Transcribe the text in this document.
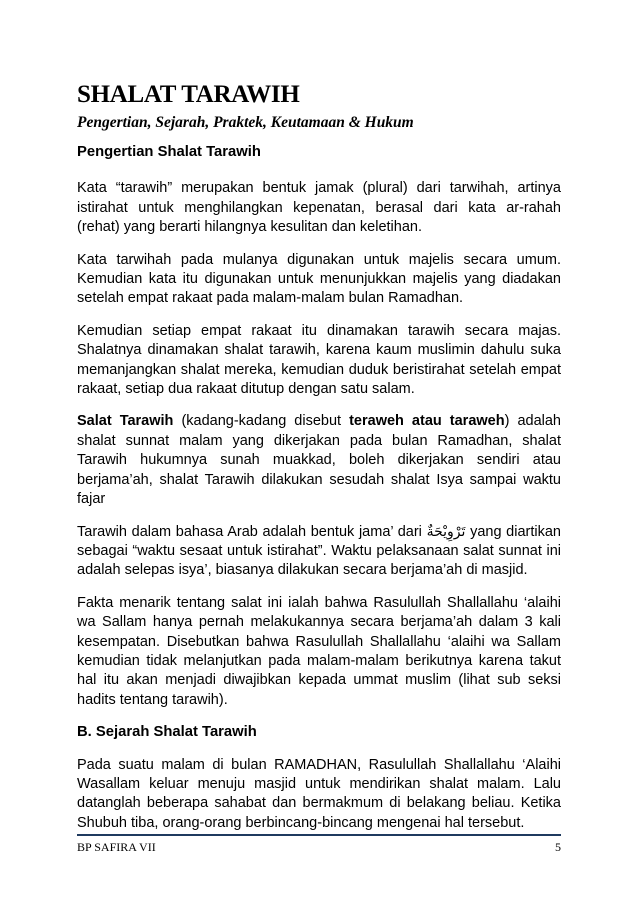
SHALAT TARAWIH
Pengertian, Sejarah, Praktek, Keutamaan & Hukum
Pengertian Shalat Tarawih

Kata “tarawih” merupakan bentuk jamak (plural) dari tarwihah, artinya istirahat untuk menghilangkan kepenatan, berasal dari kata ar-rahah (rehat) yang berarti hilangnya kesulitan dan keletihan.

Kata tarwihah pada mulanya digunakan untuk majelis secara umum. Kemudian kata itu digunakan untuk menunjukkan majelis yang diadakan setelah empat rakaat pada malam-malam bulan Ramadhan.

Kemudian setiap empat rakaat itu dinamakan tarawih secara majas. Shalatnya dinamakan shalat tarawih, karena kaum muslimin dahulu suka memanjangkan shalat mereka, kemudian duduk beristirahat setelah empat rakaat, setiap dua rakaat ditutup dengan satu salam.

Salat Tarawih (kadang-kadang disebut teraweh atau taraweh) adalah shalat sunnat malam yang dikerjakan pada bulan Ramadhan, shalat Tarawih hukumnya sunah muakkad, boleh dikerjakan sendiri atau berjama’ah, shalat Tarawih dilakukan sesudah shalat Isya sampai waktu fajar

Tarawih dalam bahasa Arab adalah bentuk jama’ dari تَرْوِيْحَةٌ yang diartikan sebagai “waktu sesaat untuk istirahat”. Waktu pelaksanaan salat sunnat ini adalah selepas isya’, biasanya dilakukan secara berjama’ah di masjid.

Fakta menarik tentang salat ini ialah bahwa Rasulullah Shallallahu ‘alaihi wa Sallam hanya pernah melakukannya secara berjama’ah dalam 3 kali kesempatan. Disebutkan bahwa Rasulullah Shallallahu ‘alaihi wa Sallam kemudian tidak melanjutkan pada malam-malam berikutnya karena takut hal itu akan menjadi diwajibkan kepada ummat muslim (lihat sub seksi hadits tentang tarawih).

B. Sejarah Shalat Tarawih

Pada suatu malam di bulan RAMADHAN, Rasulullah Shallallahu ‘Alaihi Wasallam keluar menuju masjid untuk mendirikan shalat malam. Lalu datanglah beberapa sahabat dan bermakmum di belakang beliau. Ketika Shubuh tiba, orang-orang berbincang-bincang mengenai hal tersebut.

BP SAFIRA VII	5
